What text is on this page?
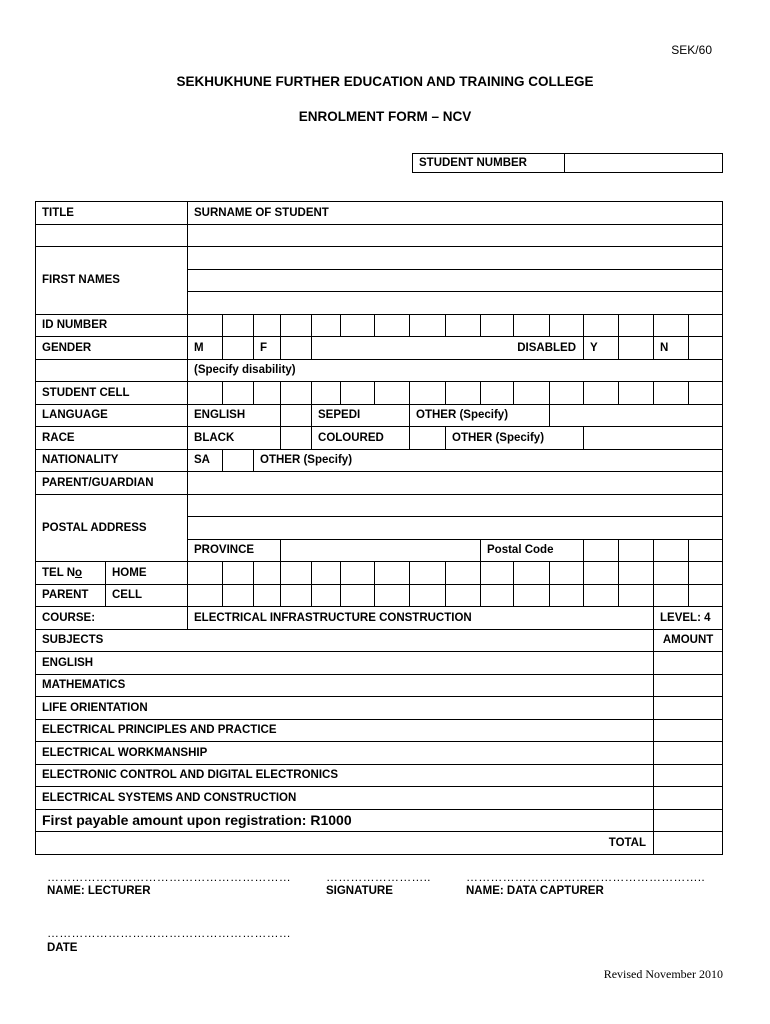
SEK/60
SEKHUKHUNE FURTHER EDUCATION AND TRAINING COLLEGE
ENROLMENT FORM – NCV
STUDENT NUMBER	
TITLE		SURNAME OF STUDENT															

FIRST NAMES																	

ID NUMBER																	
GENDER		M		F		DISABLED								Y		N	
		(Specify disability)															
STUDENT CELL																	
LANGUAGE		ENGLISH				SEPEDI			OTHER (Specify)								
RACE		BLACK				COLOURED				OTHER (Specify)							
NATIONALITY		SA		OTHER (Specify)													
PARENT/GUARDIAN																	
POSTAL ADDRESS																	

		PROVINCE									Postal Code						
TEL No	HOME																
PARENT	CELL																
COURSE:		ELECTRICAL INFRASTRUCTURE CONSTRUCTION														LEVEL: 4	
SUBJECTS																AMOUNT	
ENGLISH																	
MATHEMATICS																	
LIFE ORIENTATION																	
ELECTRICAL PRINCIPLES AND PRACTICE																	
ELECTRICAL WORKMANSHIP																	
ELECTRONIC CONTROL AND DIGITAL ELECTRONICS																	
ELECTRICAL SYSTEMS AND CONSTRUCTION																	
First payable amount upon registration: R1000																	
TOTAL																	
……………………………………………………
NAME: LECTURER
……………………..
SIGNATURE
…………………………………………………..
NAME: DATA CAPTURER
……………………………………………………
DATE
Revised November 2010
